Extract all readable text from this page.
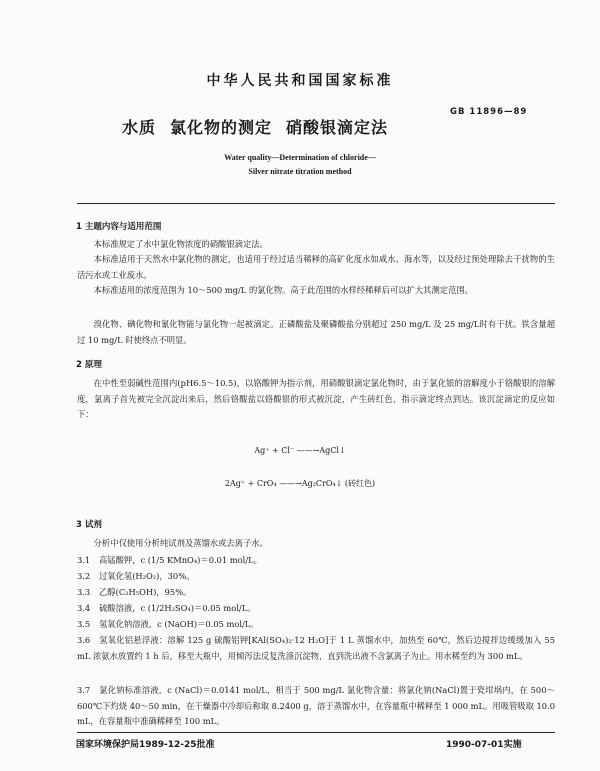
中华人民共和国国家标准
水质 氯化物的测定 硝酸银滴定法
GB 11896—89
Water quality—Determination of chloride—
Silver nitrate titration method
1 主题内容与适用范围
本标准规定了水中氯化物浓度的硝酸银滴定法。
本标准适用于天然水中氯化物的测定，也适用于经过适当稀释的高矿化度水如咸水、海水等，以及经过预处理除去干扰物的生活污水或工业废水。
本标准适用的浓度范围为 10～500 mg/L 的氯化物。高于此范围的水样经稀释后可以扩大其测定范围。
溴化物、碘化物和氰化物能与氯化物一起被滴定。正磷酸盐及聚磷酸盐分别超过 250 mg/L 及 25 mg/L时有干扰。铁含量超过 10 mg/L 时使终点不明显。
2 原理
在中性至弱碱性范围内(pH6.5～10.5)，以铬酸钾为指示剂，用硝酸银滴定氯化物时，由于氯化银的溶解度小于铬酸银的溶解度，氯离子首先被完全沉淀出来后，然后铬酸盐以铬酸银的形式被沉淀，产生砖红色，指示滴定终点到达。该沉淀滴定的反应如下：
Ag⁺ + Cl⁻ ——→AgCl↓
2Ag⁺ + CrO₄ ——→Ag₂CrO₄↓ (砖红色)
3 试剂
分析中仅使用分析纯试剂及蒸馏水或去离子水。
3.1 高锰酸钾，c (1/5 KMnO₄)＝0.01 mol/L。
3.2 过氧化氢(H₂O₂)，30%。
3.3 乙醇(C₂H₅OH)，95%。
3.4 硫酸溶液，c (1/2H₂SO₄)＝0.05 mol/L。
3.5 氢氧化钠溶液，c (NaOH)＝0.05 mol/L。
3.6 氢氧化铝悬浮液：溶解 125 g 硫酸铝钾[KAl(SO₄)₂·12 H₂O]于 1 L 蒸馏水中，加热至 60℃，然后边搅拌边缓缓加入 55 mL 浓氨水放置约 1 h 后，移至大瓶中，用倾泻法反复洗涤沉淀物，直到洗出液不含氯离子为止。用水稀至约为 300 mL。
3.7 氯化钠标准溶液，c (NaCl)＝0.0141 mol/L，相当于 500 mg/L 氯化物含量：将氯化钠(NaCl)置于瓷坩埚内，在 500～600℃下灼烧 40～50 min，在干燥器中冷却后称取 8.2400 g，溶于蒸馏水中，在容量瓶中稀释至 1 000 mL。用吸管吸取 10.0 mL，在容量瓶中准确稀释至 100 mL。
国家环境保护局1989-12-25批准	1990-07-01实施
